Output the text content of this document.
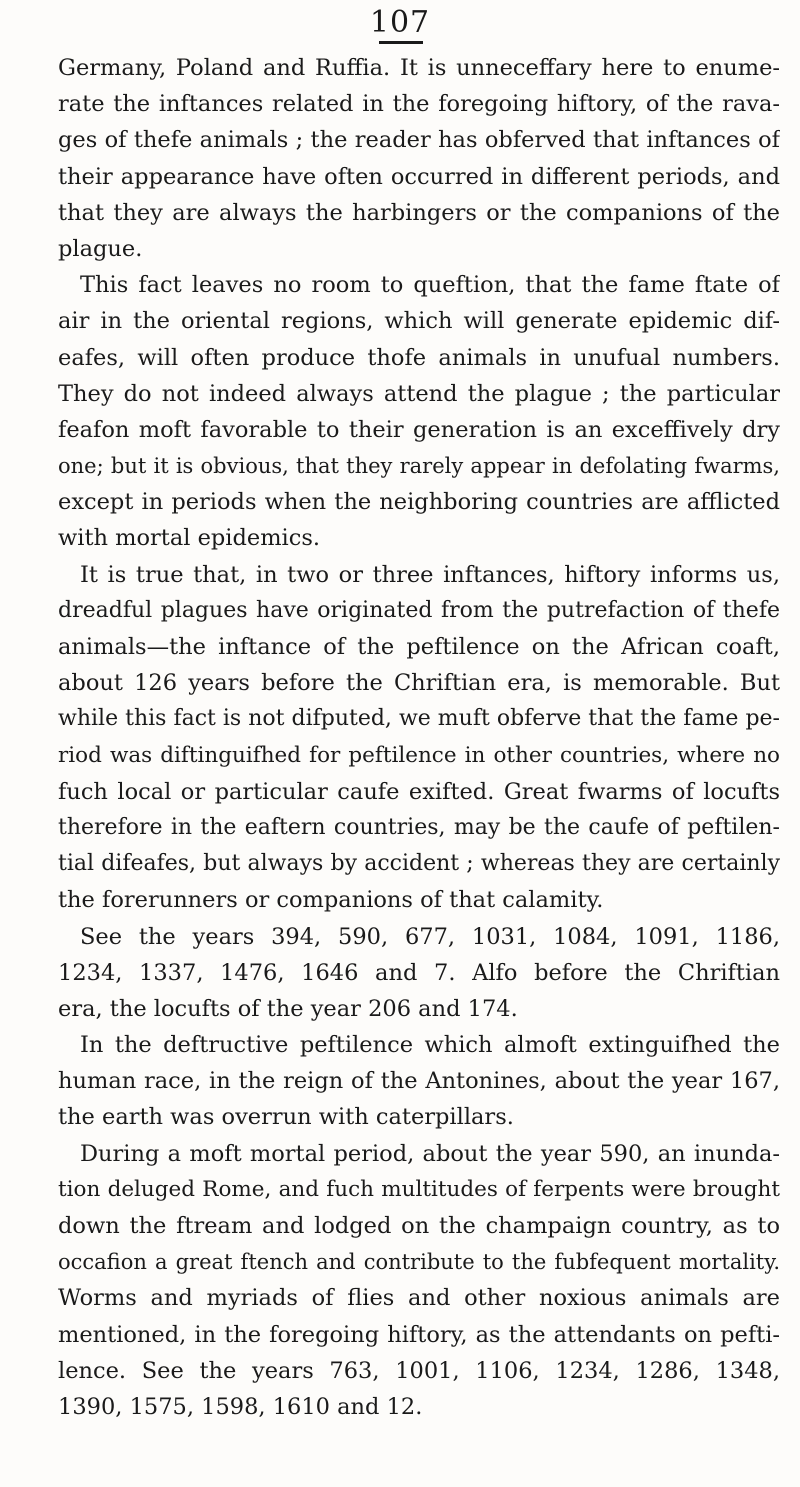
107
Germany, Poland and Ruffia. It is unneceffary here to enume-
rate the inftances related in the foregoing hiftory, of the rava-
ges of thefe animals ; the reader has obferved that inftances of
their appearance have often occurred in different periods, and
that they are always the harbingers or the companions of the
plague.
This fact leaves no room to queftion, that the fame ftate of
air in the oriental regions, which will generate epidemic dif-
eafes, will often produce thofe animals in unufual numbers.
They do not indeed always attend the plague ; the particular
feafon moft favorable to their generation is an exceffively dry
one; but it is obvious, that they rarely appear in defolating fwarms,
except in periods when the neighboring countries are afflicted
with mortal epidemics.
It is true that, in two or three inftances, hiftory informs us,
dreadful plagues have originated from the putrefaction of thefe
animals—the inftance of the peftilence on the African coaft,
about 126 years before the Chriftian era, is memorable. But
while this fact is not difputed, we muft obferve that the fame pe-
riod was diftinguifhed for peftilence in other countries, where no
fuch local or particular caufe exifted. Great fwarms of locufts
therefore in the eaftern countries, may be the caufe of peftilen-
tial difeafes, but always by accident ; whereas they are certainly
the forerunners or companions of that calamity.
See the years 394, 590, 677, 1031, 1084, 1091, 1186,
1234, 1337, 1476, 1646 and 7. Alfo before the Chriftian
era, the locufts of the year 206 and 174.
In the deftructive peftilence which almoft extinguifhed the
human race, in the reign of the Antonines, about the year 167,
the earth was overrun with caterpillars.
During a moft mortal period, about the year 590, an inunda-
tion deluged Rome, and fuch multitudes of ferpents were brought
down the ftream and lodged on the champaign country, as to
occafion a great ftench and contribute to the fubfequent mortality.
Worms and myriads of flies and other noxious animals are
mentioned, in the foregoing hiftory, as the attendants on pefti-
lence. See the years 763, 1001, 1106, 1234, 1286, 1348,
1390, 1575, 1598, 1610 and 12.
